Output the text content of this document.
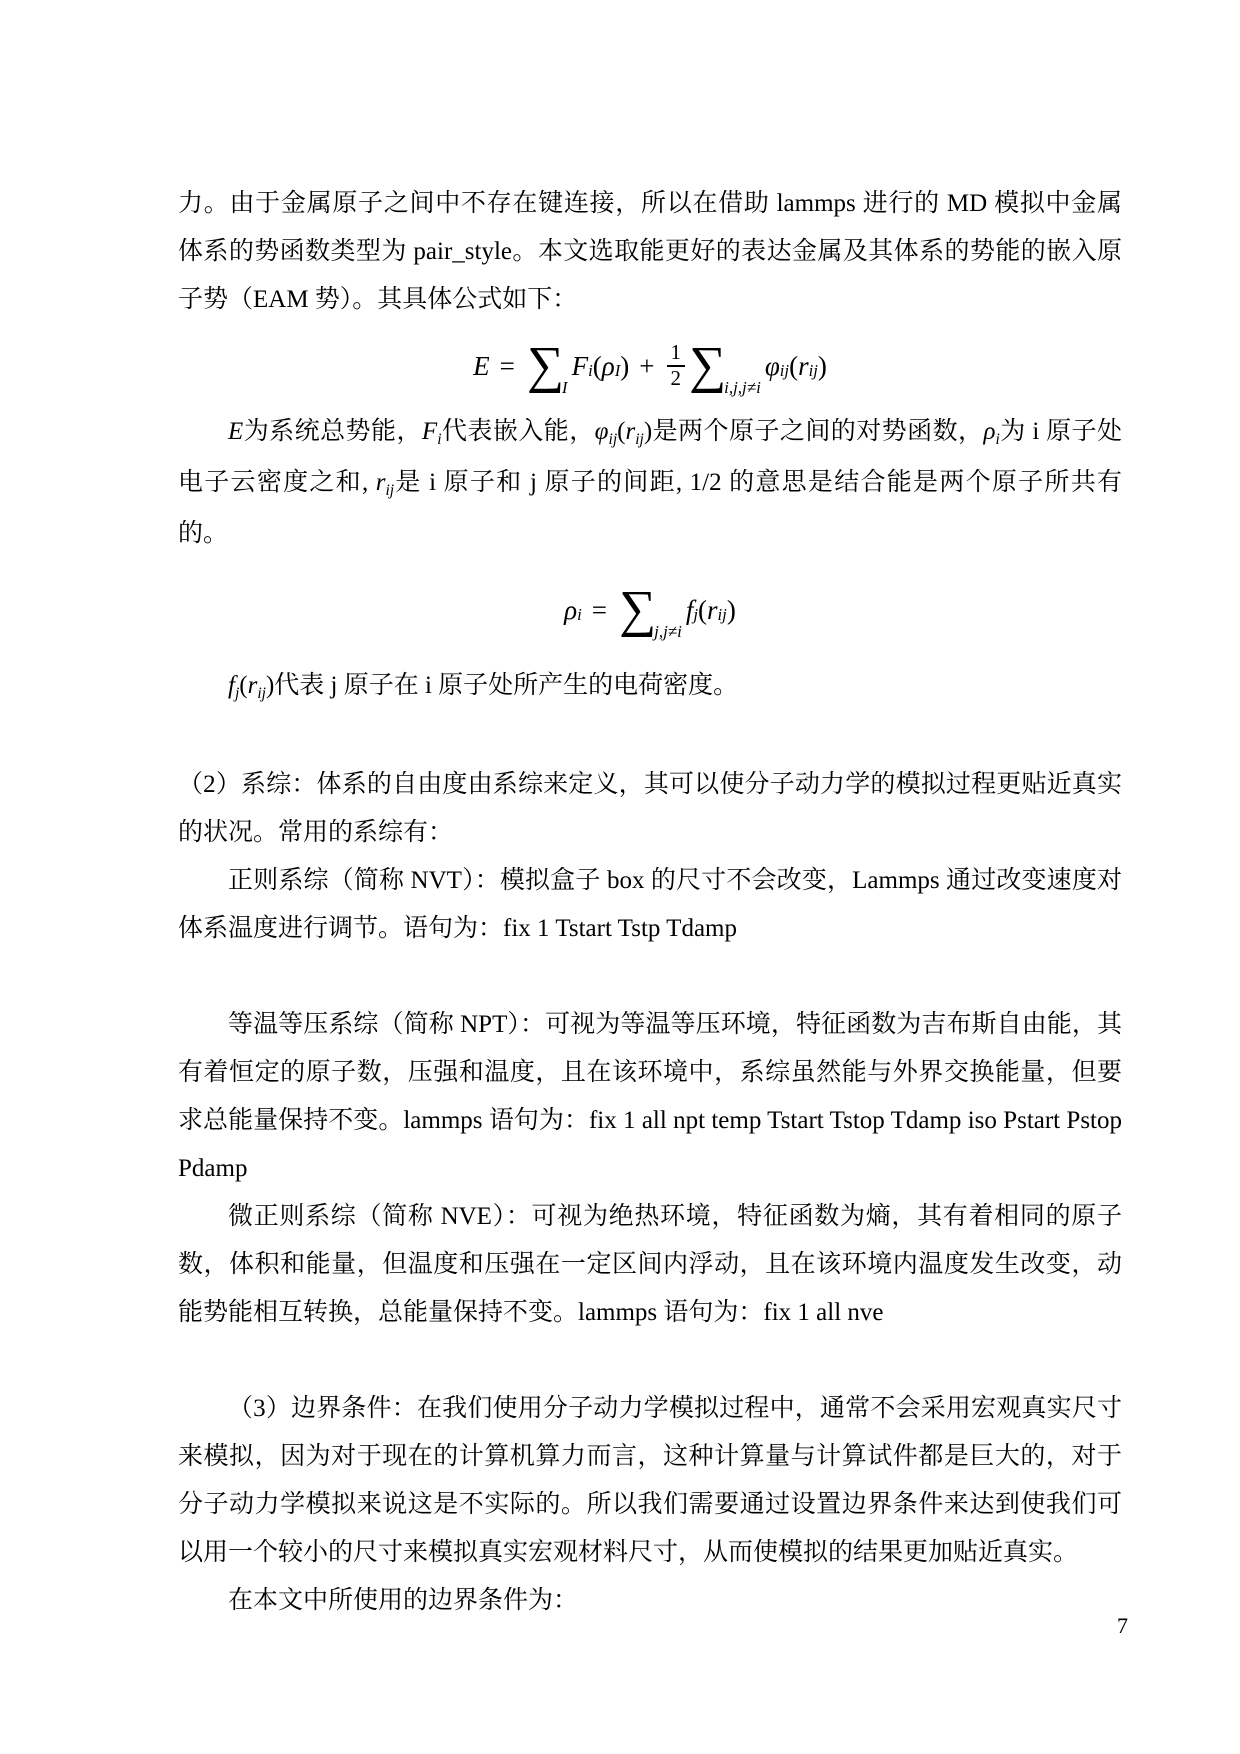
力。由于金属原子之间中不存在键连接，所以在借助 lammps 进行的 MD 模拟中金属体系的势函数类型为 pair_style。本文选取能更好的表达金属及其体系的势能的嵌入原子势（EAM 势）。其具体公式如下：

E = ∑
I
F i ( ρ I ) + $\frac{1}{2}$ ∑
i,j,j≠i
φ ij ( r ij )

E为系统总势能，$F_i$代表嵌入能，$\varphi_{ij}(r_{ij})$是两个原子之间的对势函数，$\rho_i$为 i 原子处电子云密度之和, $r_{ij}$是 i 原子和 j 原子的间距, 1/2 的意思是结合能是两个原子所共有的。

ρ i = ∑
j,j≠i
f j ( r ij )

$f_j(r_{ij})$代表 j 原子在 i 原子处所产生的电荷密度。

（2）系综：体系的自由度由系综来定义，其可以使分子动力学的模拟过程更贴近真实的状况。常用的系综有：

正则系综（简称 NVT）：模拟盒子 box 的尺寸不会改变，Lammps 通过改变速度对体系温度进行调节。语句为：fix 1 Tstart Tstp Tdamp

等温等压系综（简称 NPT）：可视为等温等压环境，特征函数为吉布斯自由能，其有着恒定的原子数，压强和温度，且在该环境中，系综虽然能与外界交换能量，但要求总能量保持不变。lammps 语句为：fix 1 all npt temp Tstart Tstop Tdamp iso Pstart Pstop Pdamp

微正则系综（简称 NVE）：可视为绝热环境，特征函数为熵，其有着相同的原子数，体积和能量，但温度和压强在一定区间内浮动，且在该环境内温度发生改变，动能势能相互转换，总能量保持不变。lammps 语句为：fix 1 all nve

（3）边界条件：在我们使用分子动力学模拟过程中，通常不会采用宏观真实尺寸来模拟，因为对于现在的计算机算力而言，这种计算量与计算试件都是巨大的，对于分子动力学模拟来说这是不实际的。所以我们需要通过设置边界条件来达到使我们可以用一个较小的尺寸来模拟真实宏观材料尺寸，从而使模拟的结果更加贴近真实。

在本文中所使用的边界条件为：

7
